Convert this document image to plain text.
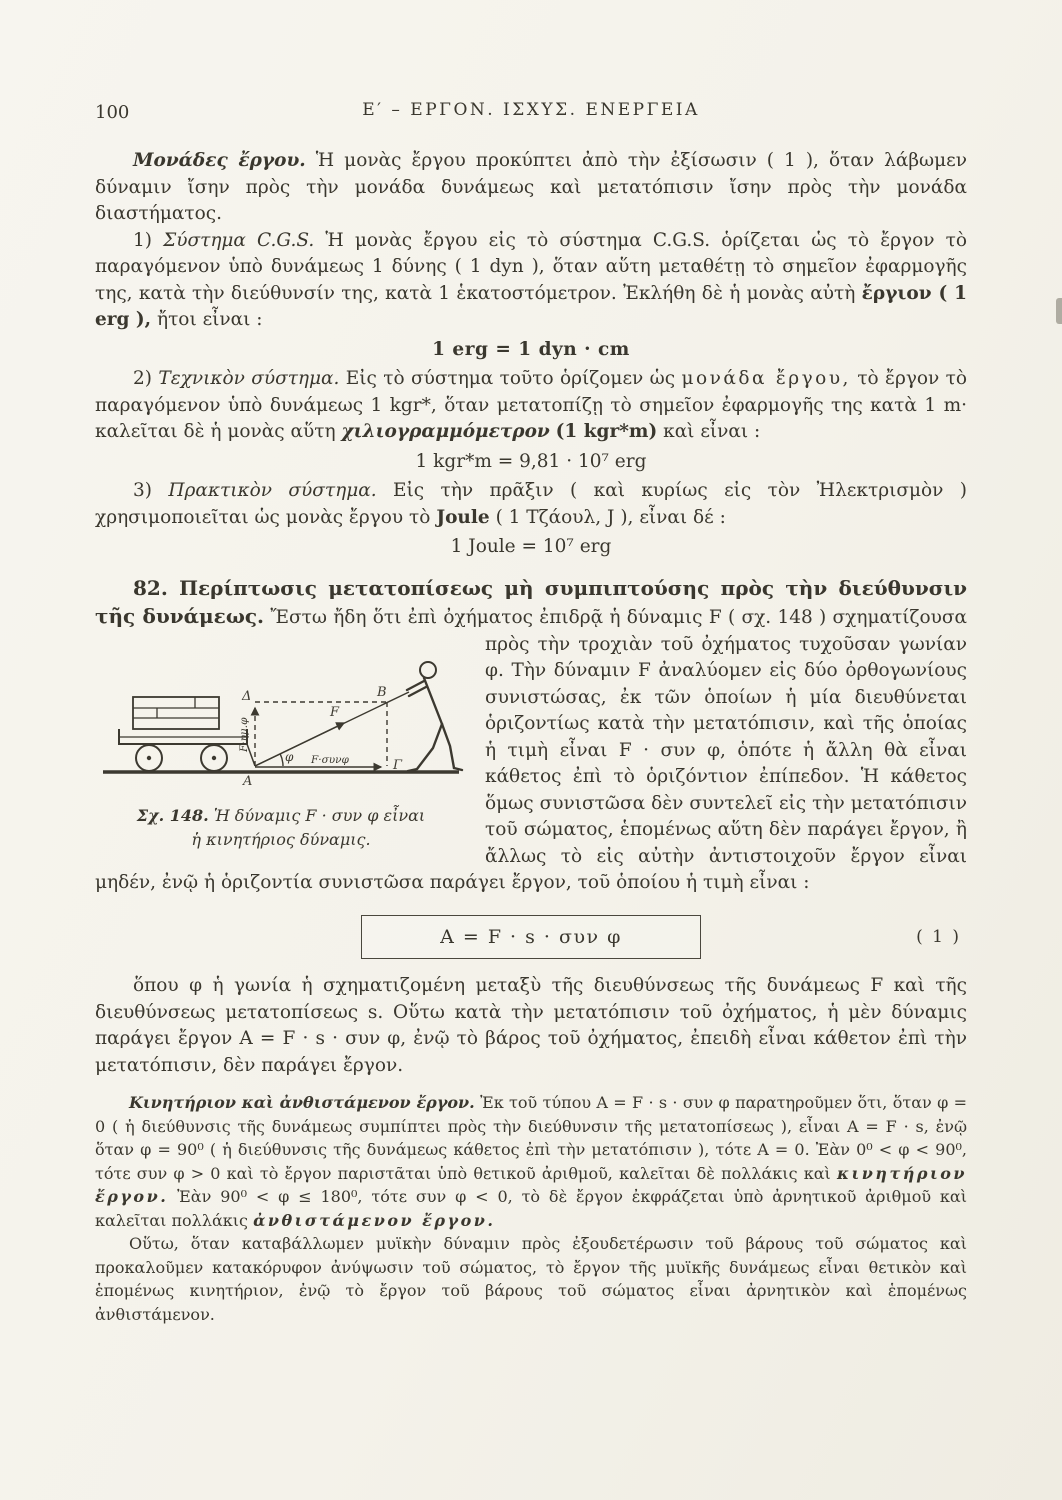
100	Ε′ – ΕΡΓΟΝ. ΙΣΧΥΣ. ΕΝΕΡΓΕΙΑ
Μονάδες ἔργου. Ἡ μονὰς ἔργου προκύπτει ἀπὸ τὴν ἐξίσωσιν ( 1 ), ὅταν λάβωμεν δύναμιν ἴσην πρὸς τὴν μονάδα δυνάμεως καὶ μετατόπισιν ἴσην πρὸς τὴν μονάδα διαστήματος.
1) Σύστημα C.G.S. Ἡ μονὰς ἔργου εἰς τὸ σύστημα C.G.S. ὁρίζεται ὡς τὸ ἔργον τὸ παραγόμενον ὑπὸ δυνάμεως 1 δύνης ( 1 dyn ), ὅταν αὕτη μεταθέτῃ τὸ σημεῖον ἐφαρμογῆς της, κατὰ τὴν διεύθυνσίν της, κατὰ 1 ἑκατοστόμετρον. Ἐκλήθη δὲ ἡ μονὰς αὐτὴ ἔργιον ( 1 erg ), ἤτοι εἶναι :
1 erg = 1 dyn · cm
2) Τεχνικὸν σύστημα. Εἰς τὸ σύστημα τοῦτο ὁρίζομεν ὡς μονάδα ἔργου, τὸ ἔργον τὸ παραγόμενον ὑπὸ δυνάμεως 1 kgr*, ὅταν μετατοπίζῃ τὸ σημεῖον ἐφαρμογῆς της κατὰ 1 m· καλεῖται δὲ ἡ μονὰς αὕτη χιλιογραμμόμετρον (1 kgr*m) καὶ εἶναι :
1 kgr*m = 9,81 · 10⁷ erg
3) Πρακτικὸν σύστημα. Εἰς τὴν πρᾶξιν ( καὶ κυρίως εἰς τὸν Ἠλεκτρισμὸν ) χρησιμοποιεῖται ὡς μονὰς ἔργου τὸ Joule ( 1 Τζάουλ, J ), εἶναι δέ :
1 Joule = 10⁷ erg
82. Περίπτωσις μετατοπίσεως μὴ συμπιπτούσης πρὸς τὴν διεύθυνσιν τῆς δυνάμεως. Ἔστω ἤδη ὅτι ἐπὶ ὀχήματος ἐπιδρᾷ ἡ δύναμις F ( σχ. 148 ) σχηματίζουσα
Δ	B
F
φ
A
Γ
F·συνφ
F·ημ.φ
Σχ. 148. Ἡ δύναμις F · συν φ εἶναι
ἡ κινητήριος δύναμις.
πρὸς τὴν τροχιὰν τοῦ ὀχήματος τυχοῦσαν γωνίαν φ. Τὴν δύναμιν F ἀναλύομεν εἰς δύο ὀρθογωνίους συνιστώσας, ἐκ τῶν ὁποίων ἡ μία διευθύνεται ὁριζοντίως κατὰ τὴν μετατόπισιν, καὶ τῆς ὁποίας ἡ τιμὴ εἶναι F · συν φ, ὁπότε ἡ ἄλλη θὰ εἶναι κάθετος ἐπὶ τὸ ὁριζόντιον ἐπίπεδον. Ἡ κάθετος ὅμως συνιστῶσα δὲν συντελεῖ εἰς τὴν μετατόπισιν τοῦ σώματος, ἑπομένως αὕτη δὲν παράγει ἔργον, ἢ ἄλλως τὸ εἰς αὐτὴν ἀντιστοιχοῦν ἔργον εἶναι μηδέν, ἐνῷ ἡ ὁριζοντία συνιστῶσα παράγει ἔργον, τοῦ ὁποίου ἡ τιμὴ εἶναι :
A = F · s · συν φ	( 1 )
ὅπου φ ἡ γωνία ἡ σχηματιζομένη μεταξὺ τῆς διευθύνσεως τῆς δυνάμεως F καὶ τῆς διευθύνσεως μετατοπίσεως s. Οὕτω κατὰ τὴν μετατόπισιν τοῦ ὀχήματος, ἡ μὲν δύναμις παράγει ἔργον A = F · s · συν φ, ἐνῷ τὸ βάρος τοῦ ὀχήματος, ἐπειδὴ εἶναι κάθετον ἐπὶ τὴν μετατόπισιν, δὲν παράγει ἔργον.
Κινητήριον καὶ ἀνθιστάμενον ἔργον. Ἐκ τοῦ τύπου A = F · s · συν φ παρατηροῦμεν ὅτι, ὅταν φ = 0 ( ἡ διεύθυνσις τῆς δυνάμεως συμπίπτει πρὸς τὴν διεύθυνσιν τῆς μετατοπίσεως ), εἶναι A = F · s, ἐνῷ ὅταν φ = 90⁰ ( ἡ διεύθυνσις τῆς δυνάμεως κάθετος ἐπὶ τὴν μετατόπισιν ), τότε A = 0. Ἐὰν 0⁰ < φ < 90⁰, τότε συν φ > 0 καὶ τὸ ἔργον παριστᾶται ὑπὸ θετικοῦ ἀριθμοῦ, καλεῖται δὲ πολλάκις καὶ κινητήριον ἔργον. Ἐὰν 90⁰ < φ ≤ 180⁰, τότε συν φ < 0, τὸ δὲ ἔργον ἐκφράζεται ὑπὸ ἀρνητικοῦ ἀριθμοῦ καὶ καλεῖται πολλάκις ἀνθιστάμενον ἔργον.
Οὕτω, ὅταν καταβάλλωμεν μυϊκὴν δύναμιν πρὸς ἐξουδετέρωσιν τοῦ βάρους τοῦ σώματος καὶ προκαλοῦμεν κατακόρυφον ἀνύψωσιν τοῦ σώματος, τὸ ἔργον τῆς μυϊκῆς δυνάμεως εἶναι θετικὸν καὶ ἑπομένως κινητήριον, ἐνῷ τὸ ἔργον τοῦ βάρους τοῦ σώματος εἶναι ἀρνητικὸν καὶ ἑπομένως ἀνθιστάμενον.
